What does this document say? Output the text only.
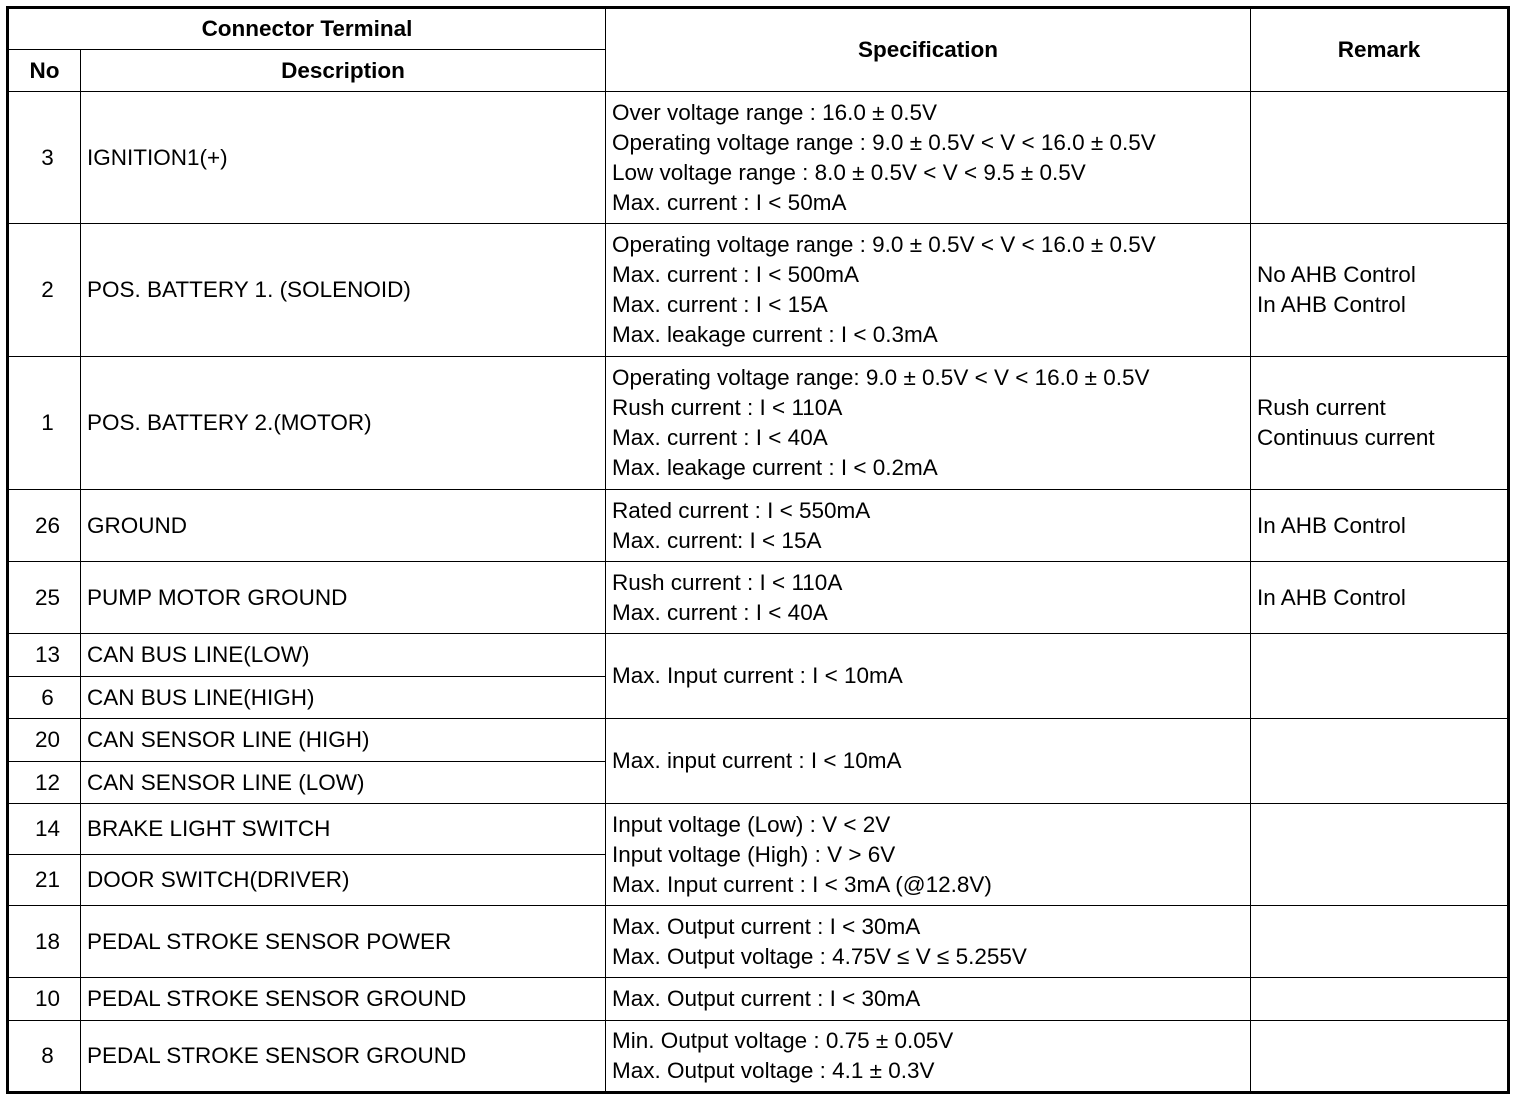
Connector Terminal		Specification	Remark
No	Description		
3	IGNITION1(+)	Over voltage range : 16.0 ± 0.5V
Operating voltage range : 9.0 ± 0.5V < V < 16.0 ± 0.5V
Low voltage range : 8.0 ± 0.5V < V < 9.5 ± 0.5V
Max. current : I < 50mA	

2	POS. BATTERY 1. (SOLENOID)	Operating voltage range : 9.0 ± 0.5V < V < 16.0 ± 0.5V
Max. current : I < 500mA
Max. current : I < 15A
Max. leakage current : I < 0.3mA	No AHB Control
In AHB Control

1	POS. BATTERY 2.(MOTOR)	Operating voltage range: 9.0 ± 0.5V < V < 16.0 ± 0.5V
Rush current : I < 110A
Max. current : I < 40A
Max. leakage current : I < 0.2mA	Rush current
Continuus current

26	GROUND	Rated current : I < 550mA
Max. current: I < 15A	In AHB Control

25	PUMP MOTOR GROUND	Rush current : I < 110A
Max. current : I < 40A	In AHB Control

13	CAN BUS LINE(LOW)	Max. Input current : I < 10mA	

6	CAN BUS LINE(HIGH)		
20	CAN SENSOR LINE (HIGH)	Max. input current : I < 10mA	

12	CAN SENSOR LINE (LOW)		
14	BRAKE LIGHT SWITCH	Input voltage (Low) : V < 2V
Input voltage (High) : V > 6V
Max. Input current : I < 3mA (@12.8V)	

21	DOOR SWITCH(DRIVER)		
18	PEDAL STROKE SENSOR POWER	Max. Output current : I < 30mA
Max. Output voltage : 4.75V ≤ V ≤ 5.255V	

10	PEDAL STROKE SENSOR GROUND	Max. Output current : I < 30mA	

8	PEDAL STROKE SENSOR GROUND	Min. Output voltage : 0.75 ± 0.05V
Max. Output voltage : 4.1 ± 0.3V	
